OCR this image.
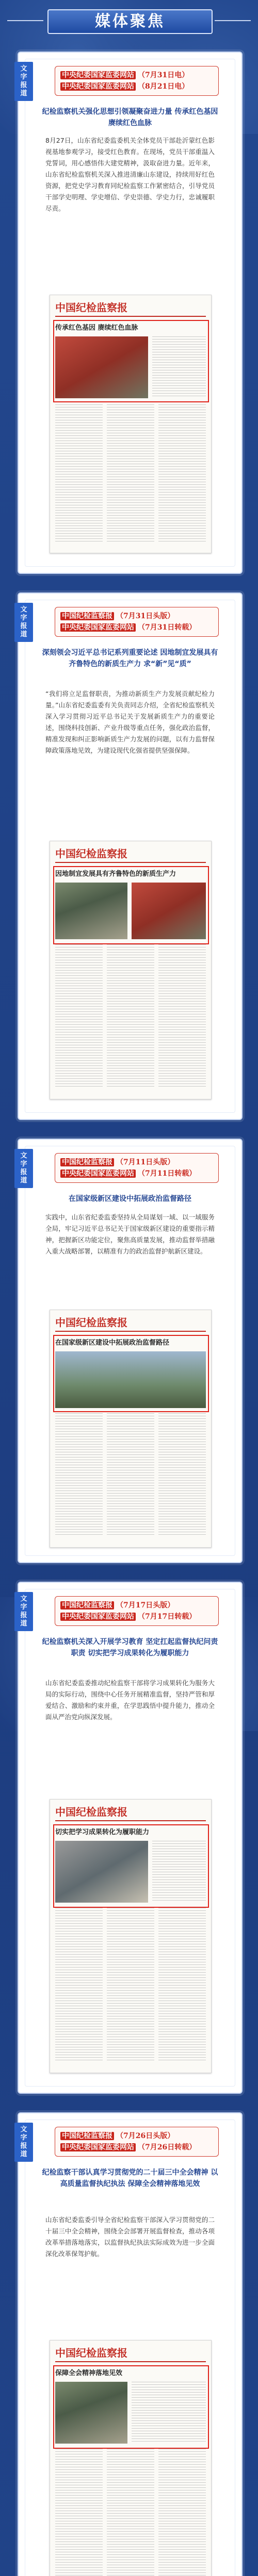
媒体聚焦
文
字
报
道
中央纪委国家监委网站 （7月31日电）
中央纪委国家监委网站 （8月21日电）
纪检监察机关强化思想引领凝聚奋进力量 传承红色基因 赓续红色血脉
8月27日，山东省纪委监委机关全体党员干部赴沂蒙红色影视基地参观学习，接受红色教育。在现场，党员干部重温入党誓词，用心感悟伟大建党精神，汲取奋进力量。近年来，山东省纪检监察机关深入推进清廉山东建设，持续用好红色资源，把党史学习教育同纪检监察工作紧密结合，引导党员干部学史明理、学史增信、学史崇德、学史力行，忠诚履职尽责。
中国纪检监察报
传承红色基因 赓续红色血脉
文
字
报
道
中国纪检监察报 （7月31日头版）
中央纪委国家监委网站 （7月31日转载）
深刻领会习近平总书记系列重要论述 因地制宜发展具有齐鲁特色的新质生产力 求“新”见“质”
“我们将立足监督职责，为推动新质生产力发展贡献纪检力量。”山东省纪委监委有关负责同志介绍，全省纪检监察机关深入学习贯彻习近平总书记关于发展新质生产力的重要论述，围绕科技创新、产业升级等重点任务，强化政治监督，精准发现和纠正影响新质生产力发展的问题，以有力监督保障政策落地见效，为建设现代化强省提供坚强保障。
中国纪检监察报
因地制宜发展具有齐鲁特色的新质生产力
文
字
报
道
中国纪检监察报 （7月11日头版）
中央纪委国家监委网站 （7月11日转载）
在国家级新区建设中拓展政治监督路径
实践中，山东省纪委监委坚持从全局谋划一域、以一域服务全局，牢记习近平总书记关于国家级新区建设的重要指示精神，把握新区功能定位，聚焦高质量发展，推动监督举措融入重大战略部署，以精准有力的政治监督护航新区建设。
中国纪检监察报
在国家级新区建设中拓展政治监督路径
文
字
报
道
中国纪检监察报 （7月17日头版）
中央纪委国家监委网站 （7月17日转载）
纪检监察机关深入开展学习教育 坚定扛起监督执纪问责职责 切实把学习成果转化为履职能力
山东省纪委监委推动纪检监察干部将学习成果转化为服务大局的实际行动，围绕中心任务开展精准监督，坚持严管和厚爱结合、激励和约束并重，在学思践悟中提升能力，推动全面从严治党向纵深发展。
中国纪检监察报
切实把学习成果转化为履职能力
文
字
报
道
中国纪检监察报 （7月26日头版）
中央纪委国家监委网站 （7月26日转载）
纪检监察干部认真学习贯彻党的二十届三中全会精神 以高质量监督执纪执法 保障全会精神落地见效
山东省纪委监委引导全省纪检监察干部深入学习贯彻党的二十届三中全会精神，围绕全会部署开展监督检查，推动各项改革举措落地落实，以监督执纪执法实际成效为进一步全面深化改革保驾护航。
中国纪检监察报
保障全会精神落地见效
